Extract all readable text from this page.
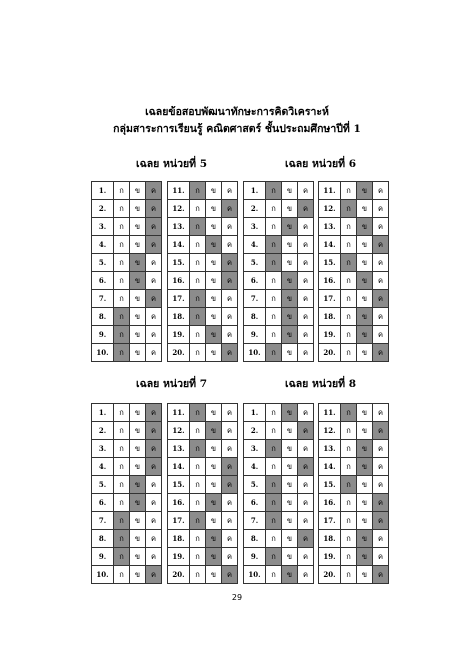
เฉลยข้อสอบพัฒนาทักษะการคิดวิเคราะห์
กลุ่มสาระการเรียนรู้ คณิตศาสตร์ ชั้นประถมศึกษาปีที่ 1
เฉลย หน่วยที่ 5	เฉลย หน่วยที่ 6
เฉลย หน่วยที่ 7	เฉลย หน่วยที่ 8
1.	ก	ข	ค
2.	ก	ข	ค
3.	ก	ข	ค
4.	ก	ข	ค
5.	ก	ข	ค
6.	ก	ข	ค
7.	ก	ข	ค
8.	ก	ข	ค
9.	ก	ข	ค
10.	ก	ข	ค
11.	ก	ข	ค
12.	ก	ข	ค
13.	ก	ข	ค
14.	ก	ข	ค
15.	ก	ข	ค
16.	ก	ข	ค
17.	ก	ข	ค
18.	ก	ข	ค
19.	ก	ข	ค
20.	ก	ข	ค
1.	ก	ข	ค
2.	ก	ข	ค
3.	ก	ข	ค
4.	ก	ข	ค
5.	ก	ข	ค
6.	ก	ข	ค
7.	ก	ข	ค
8.	ก	ข	ค
9.	ก	ข	ค
10.	ก	ข	ค
11.	ก	ข	ค
12.	ก	ข	ค
13.	ก	ข	ค
14.	ก	ข	ค
15.	ก	ข	ค
16.	ก	ข	ค
17.	ก	ข	ค
18.	ก	ข	ค
19.	ก	ข	ค
20.	ก	ข	ค
1.	ก	ข	ค
2.	ก	ข	ค
3.	ก	ข	ค
4.	ก	ข	ค
5.	ก	ข	ค
6.	ก	ข	ค
7.	ก	ข	ค
8.	ก	ข	ค
9.	ก	ข	ค
10.	ก	ข	ค
11.	ก	ข	ค
12.	ก	ข	ค
13.	ก	ข	ค
14.	ก	ข	ค
15.	ก	ข	ค
16.	ก	ข	ค
17.	ก	ข	ค
18.	ก	ข	ค
19.	ก	ข	ค
20.	ก	ข	ค
1.	ก	ข	ค
2.	ก	ข	ค
3.	ก	ข	ค
4.	ก	ข	ค
5.	ก	ข	ค
6.	ก	ข	ค
7.	ก	ข	ค
8.	ก	ข	ค
9.	ก	ข	ค
10.	ก	ข	ค
11.	ก	ข	ค
12.	ก	ข	ค
13.	ก	ข	ค
14.	ก	ข	ค
15.	ก	ข	ค
16.	ก	ข	ค
17.	ก	ข	ค
18.	ก	ข	ค
19.	ก	ข	ค
20.	ก	ข	ค
29
